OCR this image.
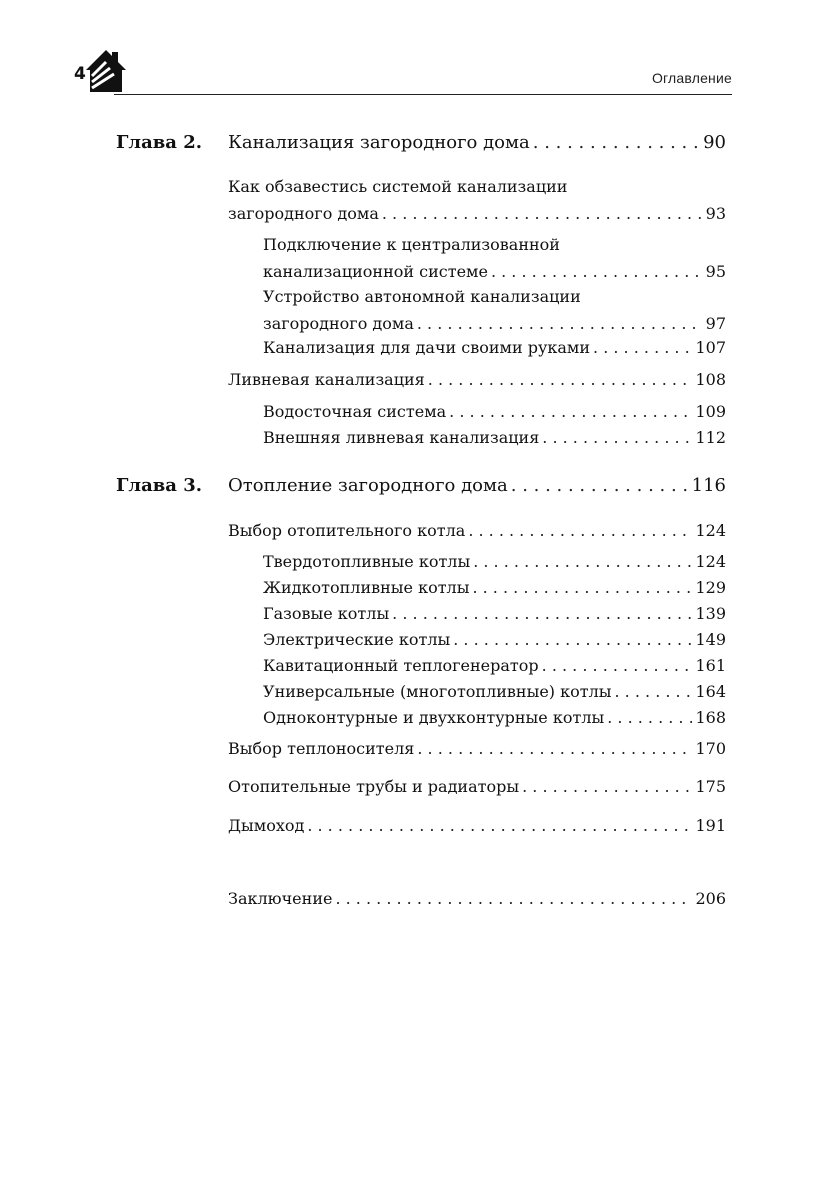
4	Оглавление
Глава 2. Канализация загородного дома . . .	90
Как обзавестись системой канализации
загородного дома . . .	93
Подключение к централизованной
канализационной системе . . .	95
Устройство автономной канализации
загородного дома . . .	97
Канализация для дачи своими руками . . .	107
Ливневая канализация . . .	108
Водосточная система . . .	109
Внешняя ливневая канализация . . .	112
Глава 3. Отопление загородного дома . . .	116
Выбор отопительного котла . . .	124
Твердотопливные котлы . . .	124
Жидкотопливные котлы . . .	129
Газовые котлы . . .	139
Электрические котлы . . .	149
Кавитационный теплогенератор . . .	161
Универсальные (многотопливные) котлы . . .	164
Одноконтурные и двухконтурные котлы . . .	168
Выбор теплоносителя . . .	170
Отопительные трубы и радиаторы . . .	175
Дымоход . . .	191
Заключение . . .	206
